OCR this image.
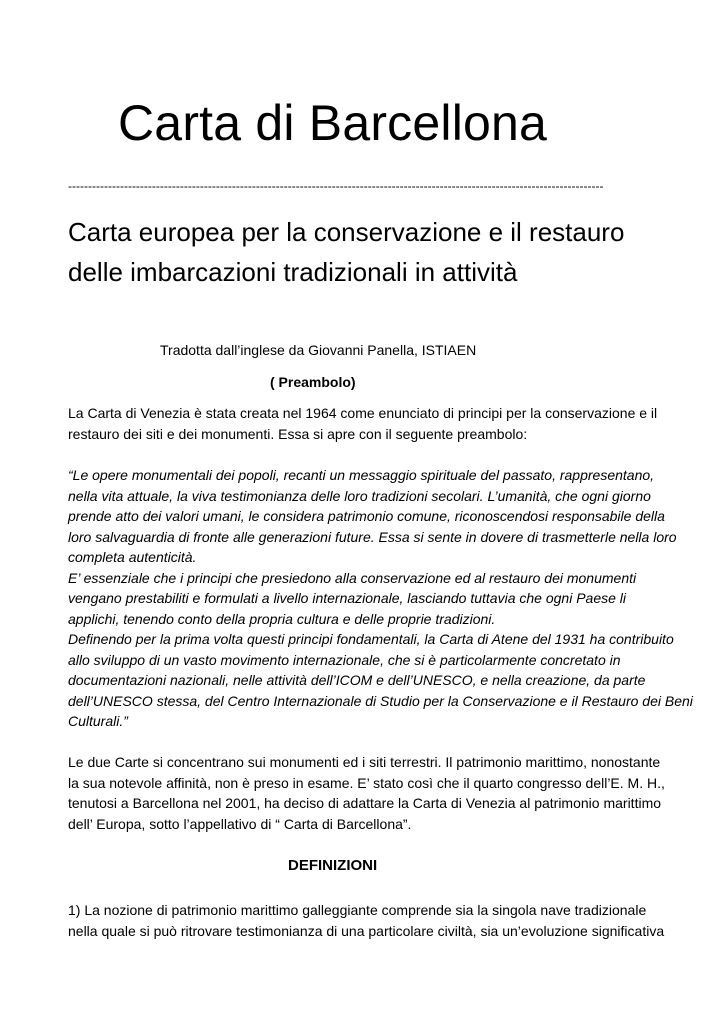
Carta di Barcellona
--------------------------------------------------------------------------------------------------------------------------------------
Carta europea per la conservazione e il restauro
delle imbarcazioni tradizionali in attività
Tradotta dall’inglese da Giovanni Panella, ISTIAEN
( Preambolo)
La Carta di Venezia è stata creata nel 1964 come enunciato di principi per la conservazione e il
restauro dei siti e dei monumenti. Essa si apre con il seguente preambolo:
“Le opere monumentali dei popoli, recanti un messaggio spirituale del passato, rappresentano,
nella vita attuale, la viva testimonianza delle loro tradizioni secolari. L’umanità, che ogni giorno
prende atto dei valori umani, le considera patrimonio comune, riconoscendosi responsabile della
loro salvaguardia di fronte alle generazioni future. Essa si sente in dovere di trasmetterle nella loro
completa autenticità.
E’ essenziale che i principi che presiedono alla conservazione ed al restauro dei monumenti
vengano prestabiliti e formulati a livello internazionale, lasciando tuttavia che ogni Paese li
applichi, tenendo conto della propria cultura e delle proprie tradizioni.
Definendo per la prima volta questi principi fondamentali, la Carta di Atene del 1931 ha contribuito
allo sviluppo di un vasto movimento internazionale, che si è particolarmente concretato in
documentazioni nazionali, nelle attività dell’ICOM e dell’UNESCO, e nella creazione, da parte
dell’UNESCO stessa, del Centro Internazionale di Studio per la Conservazione e il Restauro dei Beni
Culturali.”
Le due Carte si concentrano sui monumenti ed i siti terrestri. Il patrimonio marittimo, nonostante
la sua notevole affinità, non è preso in esame. E’ stato così che il quarto congresso dell’E. M. H.,
tenutosi a Barcellona nel 2001, ha deciso di adattare la Carta di Venezia al patrimonio marittimo
dell’ Europa, sotto l’appellativo di “ Carta di Barcellona”.
DEFINIZIONI
1) La nozione di patrimonio marittimo galleggiante comprende sia la singola nave tradizionale
nella quale si può ritrovare testimonianza di una particolare civiltà, sia un’evoluzione significativa
